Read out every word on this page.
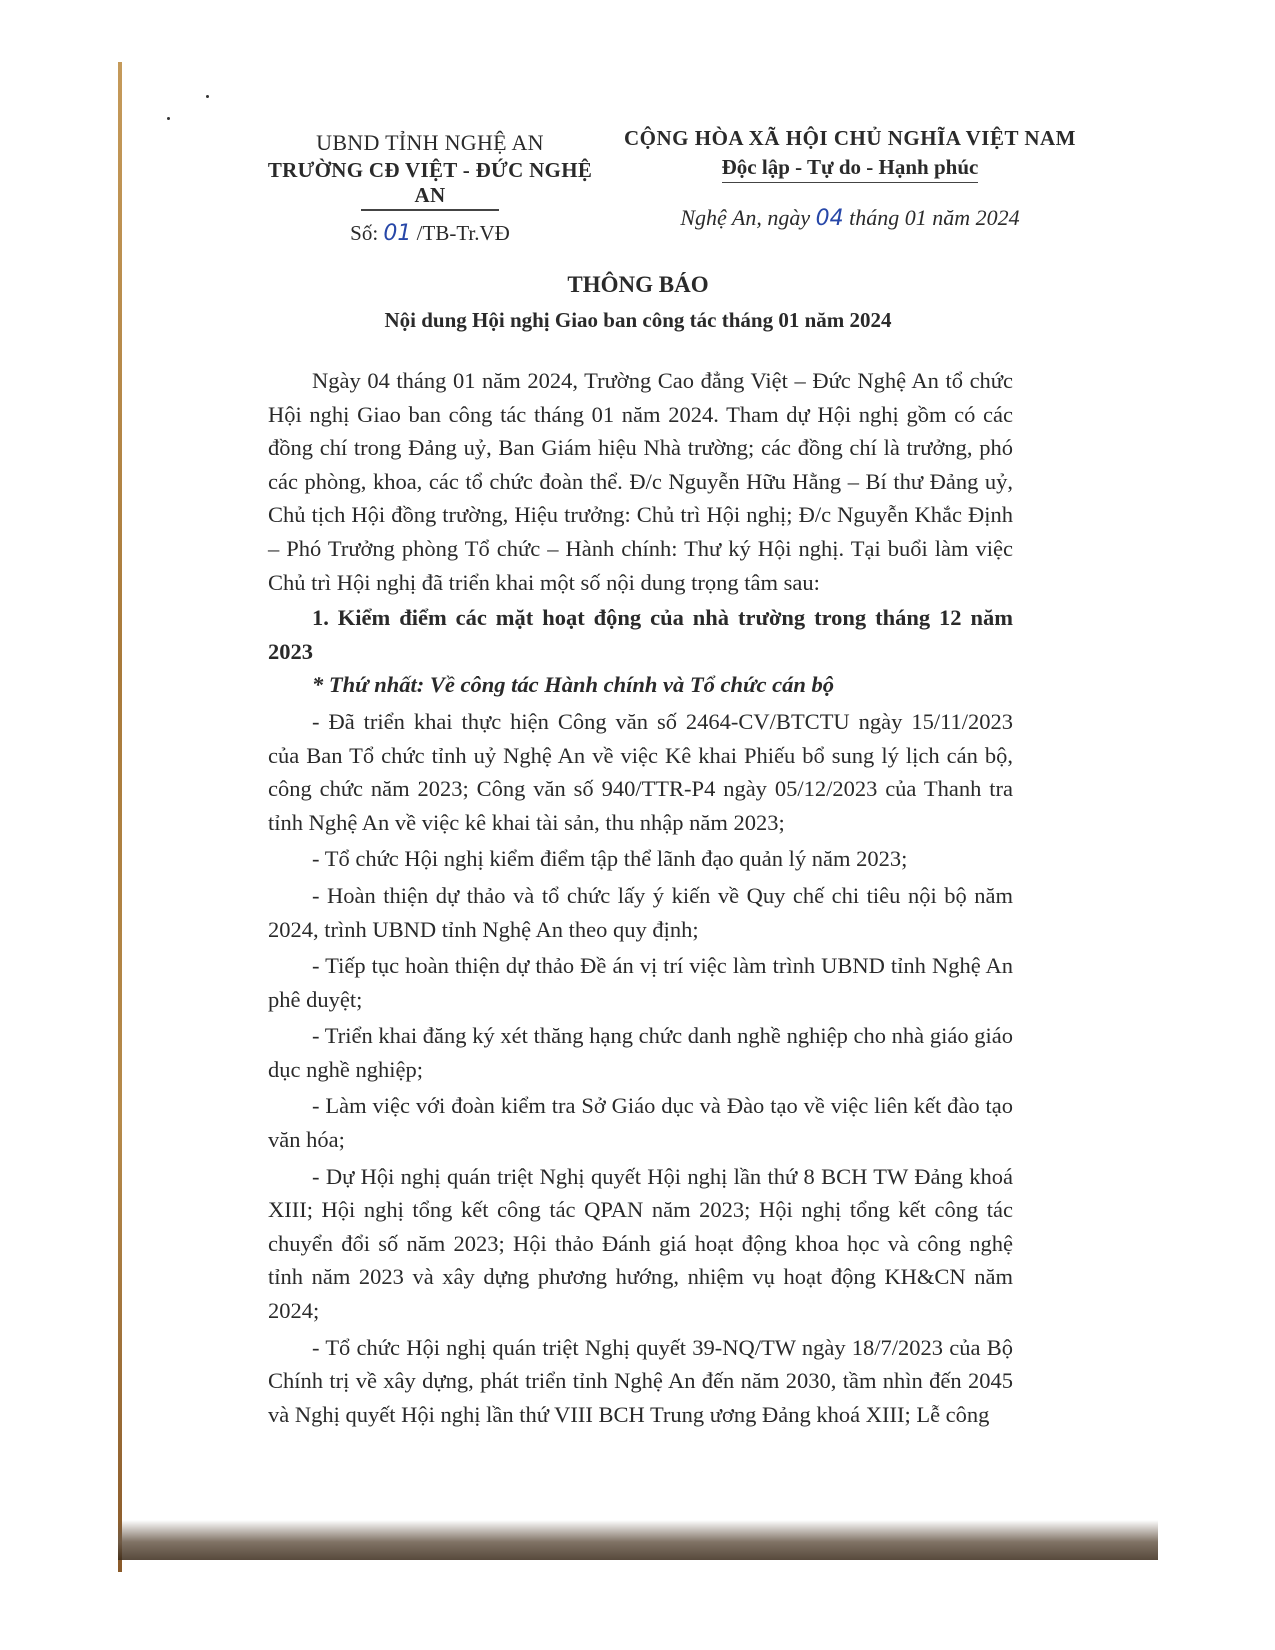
UBND TỈNH NGHỆ AN
TRƯỜNG CĐ VIỆT - ĐỨC NGHỆ AN
Số: 01 /TB-Tr.VĐ
CỘNG HÒA XÃ HỘI CHỦ NGHĨA VIỆT NAM
Độc lập - Tự do - Hạnh phúc
Nghệ An, ngày 04 tháng 01 năm 2024
THÔNG BÁO
Nội dung Hội nghị Giao ban công tác tháng 01 năm 2024

Ngày 04 tháng 01 năm 2024, Trường Cao đẳng Việt – Đức Nghệ An tổ chức Hội nghị Giao ban công tác tháng 01 năm 2024. Tham dự Hội nghị gồm có các đồng chí trong Đảng uỷ, Ban Giám hiệu Nhà trường; các đồng chí là trưởng, phó các phòng, khoa, các tổ chức đoàn thể. Đ/c Nguyễn Hữu Hằng – Bí thư Đảng uỷ, Chủ tịch Hội đồng trường, Hiệu trưởng: Chủ trì Hội nghị; Đ/c Nguyễn Khắc Định – Phó Trưởng phòng Tổ chức – Hành chính: Thư ký Hội nghị. Tại buổi làm việc Chủ trì Hội nghị đã triển khai một số nội dung trọng tâm sau:

1. Kiểm điểm các mặt hoạt động của nhà trường trong tháng 12 năm 2023

* Thứ nhất: Về công tác Hành chính và Tổ chức cán bộ

- Đã triển khai thực hiện Công văn số 2464-CV/BTCTU ngày 15/11/2023 của Ban Tổ chức tỉnh uỷ Nghệ An về việc Kê khai Phiếu bổ sung lý lịch cán bộ, công chức năm 2023; Công văn số 940/TTR-P4 ngày 05/12/2023 của Thanh tra tỉnh Nghệ An về việc kê khai tài sản, thu nhập năm 2023;

- Tổ chức Hội nghị kiểm điểm tập thể lãnh đạo quản lý năm 2023;

- Hoàn thiện dự thảo và tổ chức lấy ý kiến về Quy chế chi tiêu nội bộ năm 2024, trình UBND tỉnh Nghệ An theo quy định;

- Tiếp tục hoàn thiện dự thảo Đề án vị trí việc làm trình UBND tỉnh Nghệ An phê duyệt;

- Triển khai đăng ký xét thăng hạng chức danh nghề nghiệp cho nhà giáo giáo dục nghề nghiệp;

- Làm việc với đoàn kiểm tra Sở Giáo dục và Đào tạo về việc liên kết đào tạo văn hóa;

- Dự Hội nghị quán triệt Nghị quyết Hội nghị lần thứ 8 BCH TW Đảng khoá XIII; Hội nghị tổng kết công tác QPAN năm 2023; Hội nghị tổng kết công tác chuyển đổi số năm 2023; Hội thảo Đánh giá hoạt động khoa học và công nghệ tỉnh năm 2023 và xây dựng phương hướng, nhiệm vụ hoạt động KH&CN năm 2024;

- Tổ chức Hội nghị quán triệt Nghị quyết 39-NQ/TW ngày 18/7/2023 của Bộ Chính trị về xây dựng, phát triển tỉnh Nghệ An đến năm 2030, tầm nhìn đến 2045 và Nghị quyết Hội nghị lần thứ VIII BCH Trung ương Đảng khoá XIII; Lễ công
